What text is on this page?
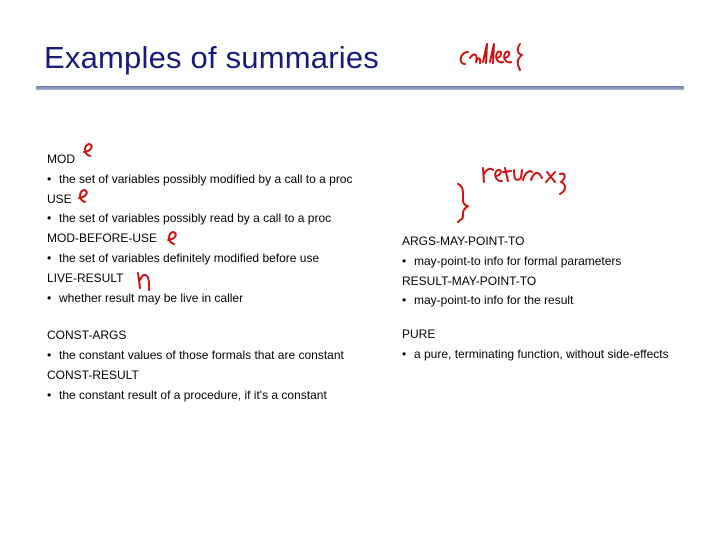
Examples of summaries
MOD
• the set of variables possibly modified by a call to a proc
USE
• the set of variables possibly read by a call to a proc
MOD-BEFORE-USE
• the set of variables definitely modified before use
LIVE-RESULT
• whether result may be live in caller
CONST-ARGS
• the constant values of those formals that are constant
CONST-RESULT
• the constant result of a procedure, if it's a constant
ARGS-MAY-POINT-TO
• may-point-to info for formal parameters
RESULT-MAY-POINT-TO
• may-point-to info for the result
PURE
• a pure, terminating function, without side-effects
